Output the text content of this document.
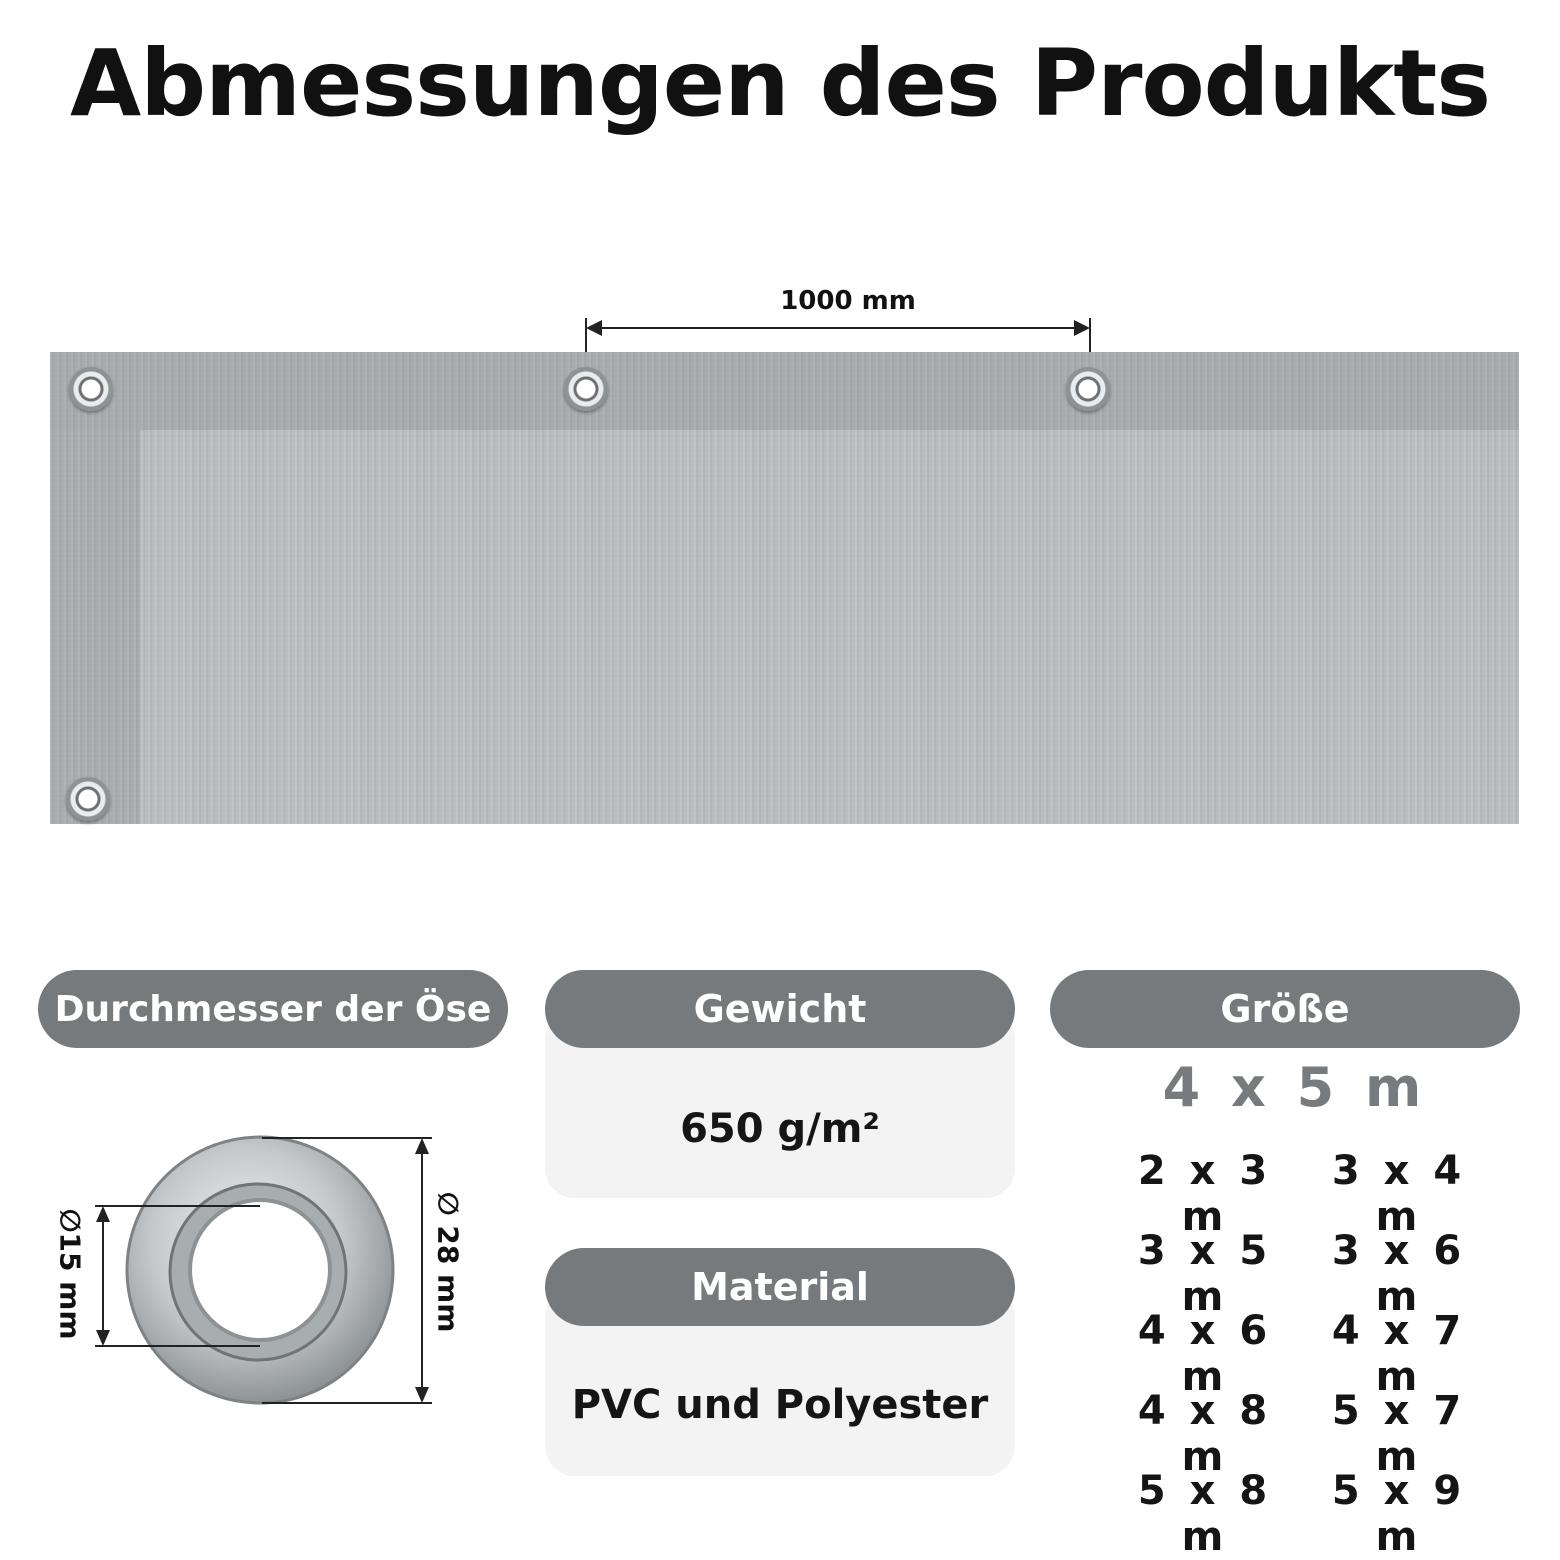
Abmessungen des Produkts
1000 mm
Durchmesser der Öse
∅15 mm	∅ 28 mm
650 g/m²
Gewicht
PVC und Polyester
Material
Größe
4 x 5 m
2 x 3 m
3 x 4 m
3 x 5 m
3 x 6 m
4 x 6 m
4 x 7 m
4 x 8 m
5 x 7 m
5 x 8 m
5 x 9 m
